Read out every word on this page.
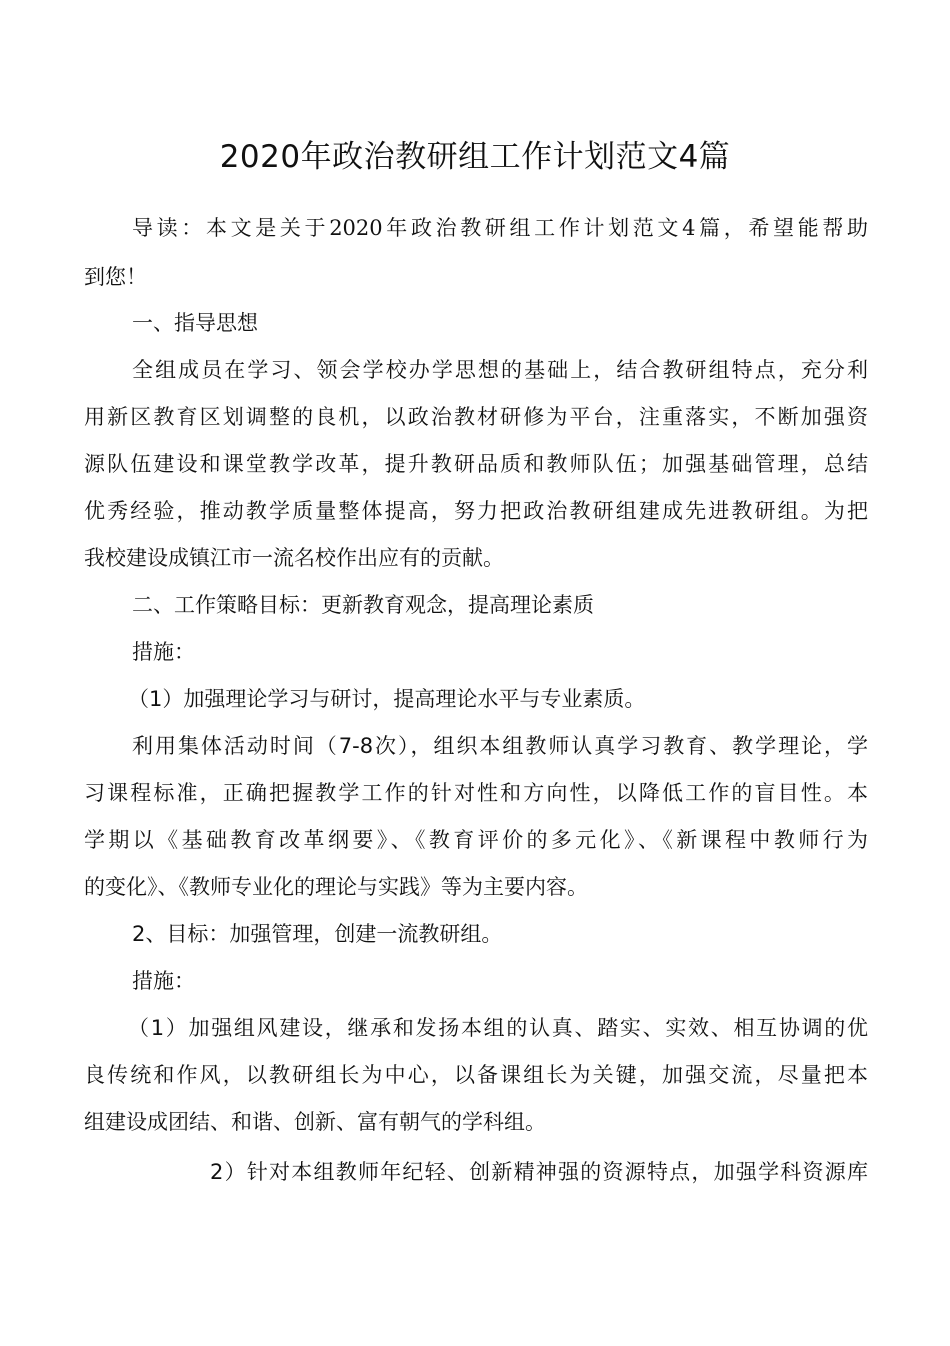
2020年政治教研组工作计划范文4篇

导读：本文是关于2020年政治教研组工作计划范文4篇，希望能帮助

到您！

一、指导思想

全组成员在学习、领会学校办学思想的基础上，结合教研组特点，充分利

用新区教育区划调整的良机，以政治教材研修为平台，注重落实，不断加强资

源队伍建设和课堂教学改革，提升教研品质和教师队伍；加强基础管理，总结

优秀经验，推动教学质量整体提高，努力把政治教研组建成先进教研组。为把

我校建设成镇江市一流名校作出应有的贡献。

二、工作策略目标：更新教育观念，提高理论素质

措施：

（1）加强理论学习与研讨，提高理论水平与专业素质。

利用集体活动时间（7-8次），组织本组教师认真学习教育、教学理论，学

习课程标准，正确把握教学工作的针对性和方向性，以降低工作的盲目性。本

学期以《基础教育改革纲要》、《教育评价的多元化》、《新课程中教师行为

的变化》、《教师专业化的理论与实践》等为主要内容。

2、目标：加强管理，创建一流教研组。

措施：

（1）加强组风建设，继承和发扬本组的认真、踏实、实效、相互协调的优

良传统和作风，以教研组长为中心，以备课组长为关键，加强交流，尽量把本

组建设成团结、和谐、创新、富有朝气的学科组。

2）针对本组教师年纪轻、创新精神强的资源特点，加强学科资源库
